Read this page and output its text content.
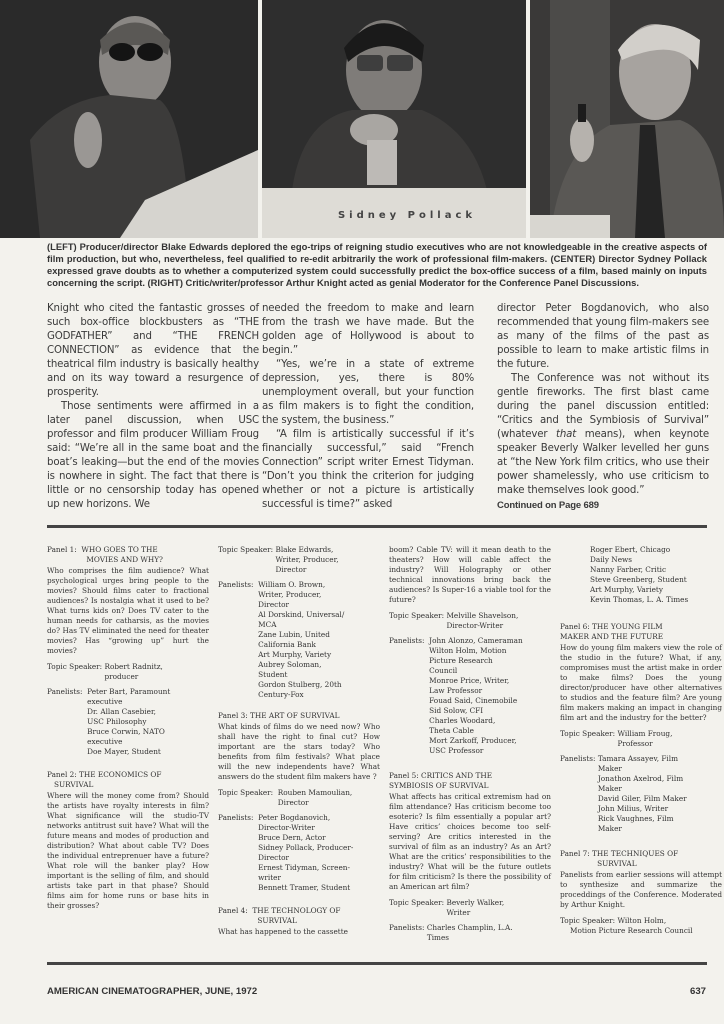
Sidney Pollack
(LEFT) Producer/director Blake Edwards deplored the ego-trips of reigning studio executives who are not knowledgeable in the creative aspects of film production, but who, nevertheless, feel qualified to re-edit arbitrarily the work of professional film-makers. (CENTER) Director Sydney Pollack expressed grave doubts as to whether a computerized system could successfully predict the box-office success of a film, based mainly on inputs concerning the script. (RIGHT) Critic/writer/professor Arthur Knight acted as genial Moderator for the Conference Panel Discussions.

Knight who cited the fantastic grosses of such box-office blockbusters as “THE GODFATHER” and “THE FRENCH CONNECTION” as evidence that the theatrical film industry is basically healthy and on its way toward a resurgence of prosperity.

Those sentiments were affirmed in a later panel discussion, when USC professor and film producer William Froug said: “We’re all in the same boat and the boat’s leaking—but the end of the movies is nowhere in sight. The fact that there is little or no censorship today has opened up new horizons. We

needed the freedom to make and learn from the trash we have made. But the golden age of Hollywood is about to begin.”

“Yes, we’re in a state of extreme depression, yes, there is 80% unemployment overall, but your function as film makers is to fight the condition, the system, the business.”

“A film is artistically successful if it’s financially successful,” said “French Connection” script writer Ernest Tidyman. “Don’t you think the criterion for judging whether or not a picture is artistically successful is time?” asked

director Peter Bogdanovich, who also recommended that young film-makers see as many of the films of the past as possible to learn to make artistic films in the future.

The Conference was not without its gentle fireworks. The first blast came during the panel discussion entitled: “Critics and the Symbiosis of Survival” (whatever that means), when keynote speaker Beverly Walker levelled her guns at “the New York film critics, who use their power shamelessly, who use criticism to make themselves look good.”

Continued on Page 689
Panel 1:  WHO GOES TO THE
MOVIES AND WHY?
Who comprises the film audience? What psychological urges bring people to the movies? Should films cater to fractional audiences? Is nostalgia what it used to be? What turns kids on? Does TV cater to the human needs for catharsis, as the movies do? Has TV eliminated the need for theater movies? Has “growing up” hurt the movies?
Topic Speaker: Robert Radnitz,
producer
Panelists: Peter Bart, Paramount
executive
Dr. Allan Casebier,
USC Philosophy
Bruce Corwin, NATO
executive
Doe Mayer, Student
Panel 2: THE ECONOMICS OF
SURVIVAL
Where will the money come from? Should the artists have royalty interests in film? What significance will the studio-TV networks antitrust suit have? What will the future means and modes of production and distribution? What about cable TV? Does the individual entreprenuer have a future? What role will the banker play? How important is the selling of film, and should artists take part in that phase? Should films aim for home runs or base hits in their grosses?
Topic Speaker: Blake Edwards,
Writer, Producer,
Director
Panelists: William O. Brown,
Writer, Producer,
Director
Al Dorskind, Universal/
MCA
Zane Lubin, United
California Bank
Art Murphy, Variety
Aubrey Soloman,
Student
Gordon Stulberg, 20th
Century-Fox
Panel 3: THE ART OF SURVIVAL
What kinds of films do we need now? Who shall have the right to final cut? How important are the stars today? Who benefits from film festivals? What place will the new independents have? What answers do the student film makers have ?
Topic Speaker: Rouben Mamoulian,
Director
Panelists: Peter Bogdanovich,
Director-Writer
Bruce Dern, Actor
Sidney Pollack, Producer-
Director
Ernest Tidyman, Screen-
writer
Bennett Tramer, Student
Panel 4:  THE TECHNOLOGY OF
SURVIVAL
What has happened to the cassette
boom? Cable TV: will it mean death to the theaters? How will cable affect the industry? Will Holography or other technical innovations bring back the audiences? Is Super-16 a viable tool for the future?
Topic Speaker: Melville Shavelson,
Director-Writer
Panelists: John Alonzo, Cameraman
Wilton Holm, Motion
Picture Research
Council
Monroe Price, Writer,
Law Professor
Fouad Said, Cinemobile
Sid Solow, CFI
Charles Woodard,
Theta Cable
Mort Zarkoff, Producer,
USC Professor
Panel 5: CRITICS AND THE
SYMBIOSIS OF SURVIVAL
What affects has critical extremism had on film attendance? Has criticism become too esoteric? Is film essentially a popular art? Have critics’ choices become too self-serving? Are critics interested in the survival of film as an industry? As an Art? What are the critics’ responsibilities to the industry? What will be the future outlets for film criticism? Is there the possibility of an American art film?
Topic Speaker: Beverly Walker,
Writer
Panelists: Charles Champlin, L.A.
Times
Roger Ebert, Chicago
Daily News
Nanny Farber, Critic
Steve Greenberg, Student
Art Murphy, Variety
Kevin Thomas, L. A. Times
Panel 6: THE YOUNG FILM
MAKER AND THE FUTURE
How do young film makers view the role of the studio in the future? What, if any, compromises must the artist make in order to make films? Does the young director/producer have other alternatives to studios and the feature film? Are young film makers making an impact in changing film art and the industry for the better?
Topic Speaker: William Froug,
Professor
Panelists: Tamara Assayev, Film
Maker
Jonathon Axelrod, Film
Maker
David Giler, Film Maker
John Milius, Writer
Rick Vaughnes, Film
Maker
Panel 7: THE TECHNIQUES OF
SURVIVAL
Panelists from earlier sessions will attempt to synthesize and summarize the proceddings of the Conference. Moderated by Arthur Knight.
Topic Speaker: Wilton Holm,
Motion Picture Research Council
AMERICAN CINEMATOGRAPHER, JUNE, 1972	637
